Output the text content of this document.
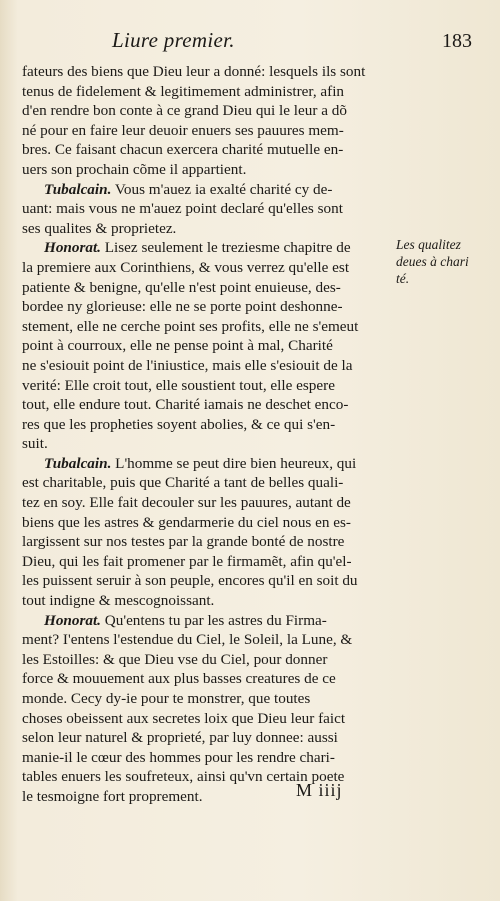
Liure premier.	183
fateurs des biens que Dieu leur a donné: lesquels ils sont
tenus de fidelement & legitimement administrer, afin
d'en rendre bon conte à ce grand Dieu qui le leur a dõ
né pour en faire leur deuoir enuers ses pauures mem-
bres. Ce faisant chacun exercera charité mutuelle en-
uers son prochain cõme il appartient.
Tubalcain. Vous m'auez ia exalté charité cy de-
uant: mais vous ne m'auez point declaré qu'elles sont
ses qualites & proprietez.
Honorat. Lisez seulement le treziesme chapitre de
la premiere aux Corinthiens, & vous verrez qu'elle est
patiente & benigne, qu'elle n'est point enuieuse, des-
bordee ny glorieuse: elle ne se porte point deshonne-
stement, elle ne cerche point ses profits, elle ne s'emeut
point à courroux, elle ne pense point à mal, Charité
ne s'esiouit point de l'iniustice, mais elle s'esiouit de la
verité: Elle croit tout, elle soustient tout, elle espere
tout, elle endure tout. Charité iamais ne deschet enco-
res que les propheties soyent abolies, & ce qui s'en-
suit.
Tubalcain. L'homme se peut dire bien heureux, qui
est charitable, puis que Charité a tant de belles quali-
tez en soy. Elle fait decouler sur les pauures, autant de
biens que les astres & gendarmerie du ciel nous en es-
largissent sur nos testes par la grande bonté de nostre
Dieu, qui les fait promener par le firmamẽt, afin qu'el-
les puissent seruir à son peuple, encores qu'il en soit du
tout indigne & mescognoissant.
Honorat. Qu'entens tu par les astres du Firma-
ment? I'entens l'estendue du Ciel, le Soleil, la Lune, &
les Estoilles: & que Dieu vse du Ciel, pour donner
force & mouuement aux plus basses creatures de ce
monde. Cecy dy-ie pour te monstrer, que toutes
choses obeissent aux secretes loix que Dieu leur faict
selon leur naturel & proprieté, par luy donnee: aussi
manie-il le cœur des hommes pour les rendre chari-
tables enuers les soufreteux, ainsi qu'vn certain poete
le tesmoigne fort proprement.
Les qualitez
deues à chari
té.
M iiij
